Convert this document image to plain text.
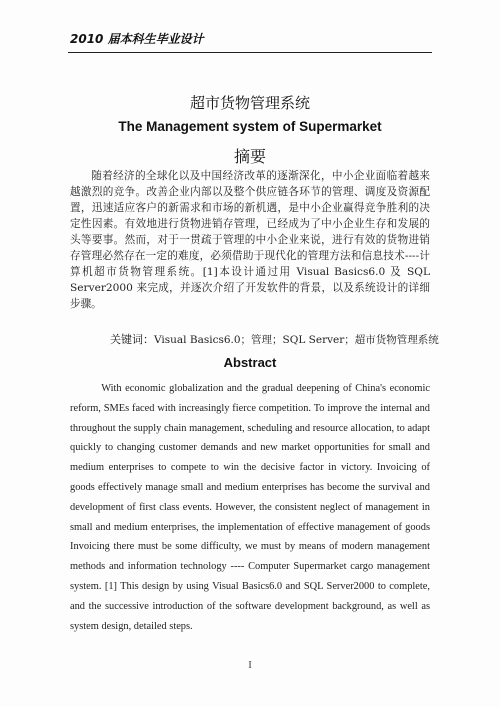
2010 届本科生毕业设计
超市货物管理系统
The Management system of Supermarket
摘要

随着经济的全球化以及中国经济改革的逐渐深化，中小企业面临着越来越激烈的竞争。改善企业内部以及整个供应链各环节的管理、调度及资源配置，迅速适应客户的新需求和市场的新机遇，是中小企业赢得竞争胜利的决定性因素。有效地进行货物进销存管理，已经成为了中小企业生存和发展的头等要事。然而，对于一贯疏于管理的中小企业来说，进行有效的货物进销存管理必然存在一定的难度，必须借助于现代化的管理方法和信息技术----计算机超市货物管理系统。[1]本设计通过用 Visual Basics6.0 及 SQL Server2000 来完成，并逐次介绍了开发软件的背景，以及系统设计的详细步骤。

关键词：Visual Basics6.0；管理；SQL Server；超市货物管理系统
Abstract

With economic globalization and the gradual deepening of China's economic reform, SMEs faced with increasingly fierce competition. To improve the internal and throughout the supply chain management, scheduling and resource allocation, to adapt quickly to changing customer demands and new market opportunities for small and medium enterprises to compete to win the decisive factor in victory. Invoicing of goods effectively manage small and medium enterprises has become the survival and development of first class events. However, the consistent neglect of management in small and medium enterprises, the implementation of effective management of goods Invoicing there must be some difficulty, we must by means of modern management methods and information technology ---- Computer Supermarket cargo management system. [1] This design by using Visual Basics6.0 and SQL Server2000 to complete, and the successive introduction of the software development background, as well as system design, detailed steps.

I
